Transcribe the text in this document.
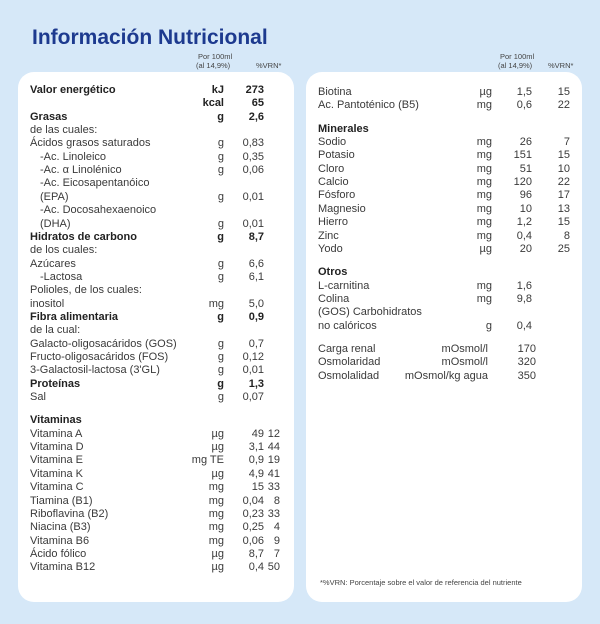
Información Nutricional
Por 100ml
(al 14,9%)	%VRN*
Por 100ml
(al 14,9%) %VRN*
Valor energético	kJ 273
kcal	65
Grasas	g 2,6
de las cuales:
Ácidos grasos saturados	g 0,83
-Ac. Linoleico	g 0,35
-Ac. α Linolénico	g 0,06
-Ac. Eicosapentanóico
(EPA)	g 0,01
-Ac. Docosahexaenoico
(DHA)	g 0,01
Hidratos de carbono	g 8,7
de los cuales:
Azúcares	g 6,6
-Lactosa	g 6,1
Polioles, de los cuales:
inositol	mg 5,0
Fibra alimentaria	g 0,9
de la cual:
Galacto-oligosacáridos (GOS)	g 0,7
Fructo-oligosacáridos (FOS)	g 0,12
3-Galactosil-lactosa (3'GL)	g 0,01
Proteínas	g 1,3
Sal	g 0,07
Vitaminas
Vitamina A	µg	49 12
Vitamina D	µg 3,1 44
Vitamina E	mg TE 0,9 19
Vitamina K	µg 4,9 41
Vitamina C	mg	15 33
Tiamina (B1)	mg 0,04 8
Riboflavina (B2)	mg 0,23 33
Niacina (B3)	mg 0,25 4
Vitamina B6	mg 0,06 9
Ácido fólico	µg 8,7 7
Vitamina B12	µg 0,4 50
Biotina	µg 1,5 15
Ac. Pantoténico (B5)	mg 0,6 22
Minerales
Sodio	mg	26	7
Potasio	mg 151 15
Cloro	mg	51 10
Calcio	mg 120 22
Fósforo	mg	96 17
Magnesio	mg	10 13
Hierro	mg 1,2 15
Zinc	mg 0,4	8
Yodo	µg	20 25
Otros
L-carnitina	mg 1,6
Colina	mg 9,8
(GOS) Carbohidratos
no calóricos	g 0,4
Carga renal	mOsmol/l	170
Osmolaridad	mOsmol/l	320
Osmolalidad mOsmol/kg agua	350
*%VRN: Porcentaje sobre el valor de referencia del nutriente
